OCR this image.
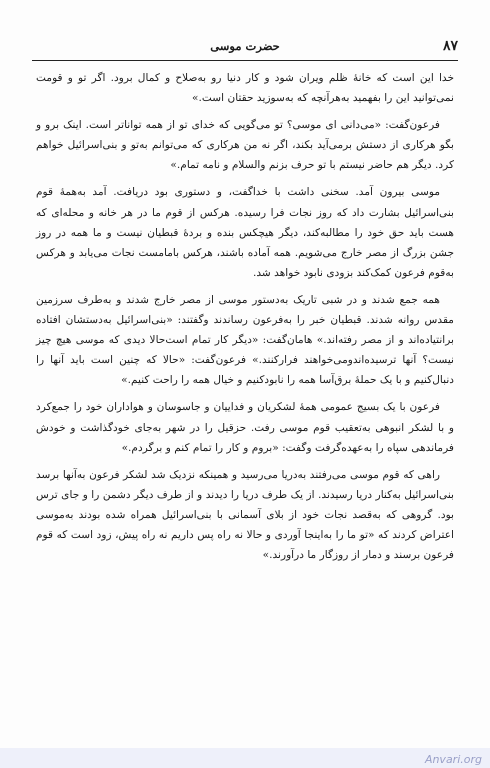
۸۷
حضرت موسی

خدا این است که خانهٔ ظلم ویران شود و کار دنیا رو به‌صلاح و کمال برود. اگر تو و قومت نمی‌توانید این را بفهمید به‌هرآنچه که به‌سوزید حقتان است.»

فرعون‌گفت: «می‌دانی ای موسی؟ تو می‌گویی که خدای تو از همه تواناتر است. اینک برو و بگو هرکاری از دستش برمی‌آید بکند، اگر نه من هرکاری که می‌توانم به‌تو و بنی‌اسرائیل خواهم کرد. دیگر هم حاضر نیستم با تو حرف بزنم والسلام و نامه تمام.»

موسی بیرون آمد. سخنی داشت با خداگفت، و دستوری بود دریافت. آمد به‌همهٔ قوم بنی‌اسرائیل بشارت داد که روز نجات فرا رسیده. هرکس از قوم ما در هر خانه و محله‌ای که هست باید حق خود را مطالبه‌کند، دیگر هیچکس بنده و بردهٔ قبطیان نیست و ما همه در روز جشن بزرگ از مصر خارج می‌شویم. همه آماده باشند، هرکس بامامست نجات می‌یابد و هرکس به‌قوم فرعون کمک‌کند بزودی نابود خواهد شد.

همه جمع شدند و در شبی تاریک به‌دستور موسی از مصر خارج شدند و به‌طرف سرزمین مقدس روانه شدند. قبطیان خبر را به‌فرعون رساندند وگفتند: «بنی‌اسرائیل به‌دستشان افتاده برانتیاده‌اند و از مصر رفته‌اند.» هامان‌گفت: «دیگر کار تمام است‌حالا دیدی که موسی هیچ چیز نیست؟ آنها ترسیده‌اندو‌می‌خواهند فرارکنند.» فرعون‌گفت: «حالا که چنین است باید آنها را دنبال‌کنیم و با یک حملهٔ برق‌آسا همه را نابودکنیم و خیال همه را راحت کنیم.»

فرعون با یک بسیج عمومی همهٔ لشکریان و فداییان و جاسوسان و هواداران خود را جمع‌کرد و با لشکر انبوهی به‌تعقیب قوم موسی رفت. حزقیل را در شهر به‌جای خودگذاشت و خودش فرماندهی سپاه را به‌عهده‌گرفت وگفت: «بروم و کار را تمام کنم و برگردم.»

راهی که قوم موسی می‌رفتند به‌دریا می‌رسید و همینکه نزدیک شد لشکر فرعون به‌آنها برسد بنی‌اسرائیل به‌کنار دریا رسیدند. از یک طرف دریا را دیدند و از طرف دیگر دشمن را و جای ترس بود. گروهی که به‌قصد نجات خود از بلای آسمانی با بنی‌اسرائیل همراه شده بودند به‌موسی اعتراض کردند که «تو ما را به‌اینجا آوردی و حالا نه راه پس داریم نه راه پیش، زود است که قوم فرعون برسند و دمار از روزگار ما درآورند.»

Anvari.org
